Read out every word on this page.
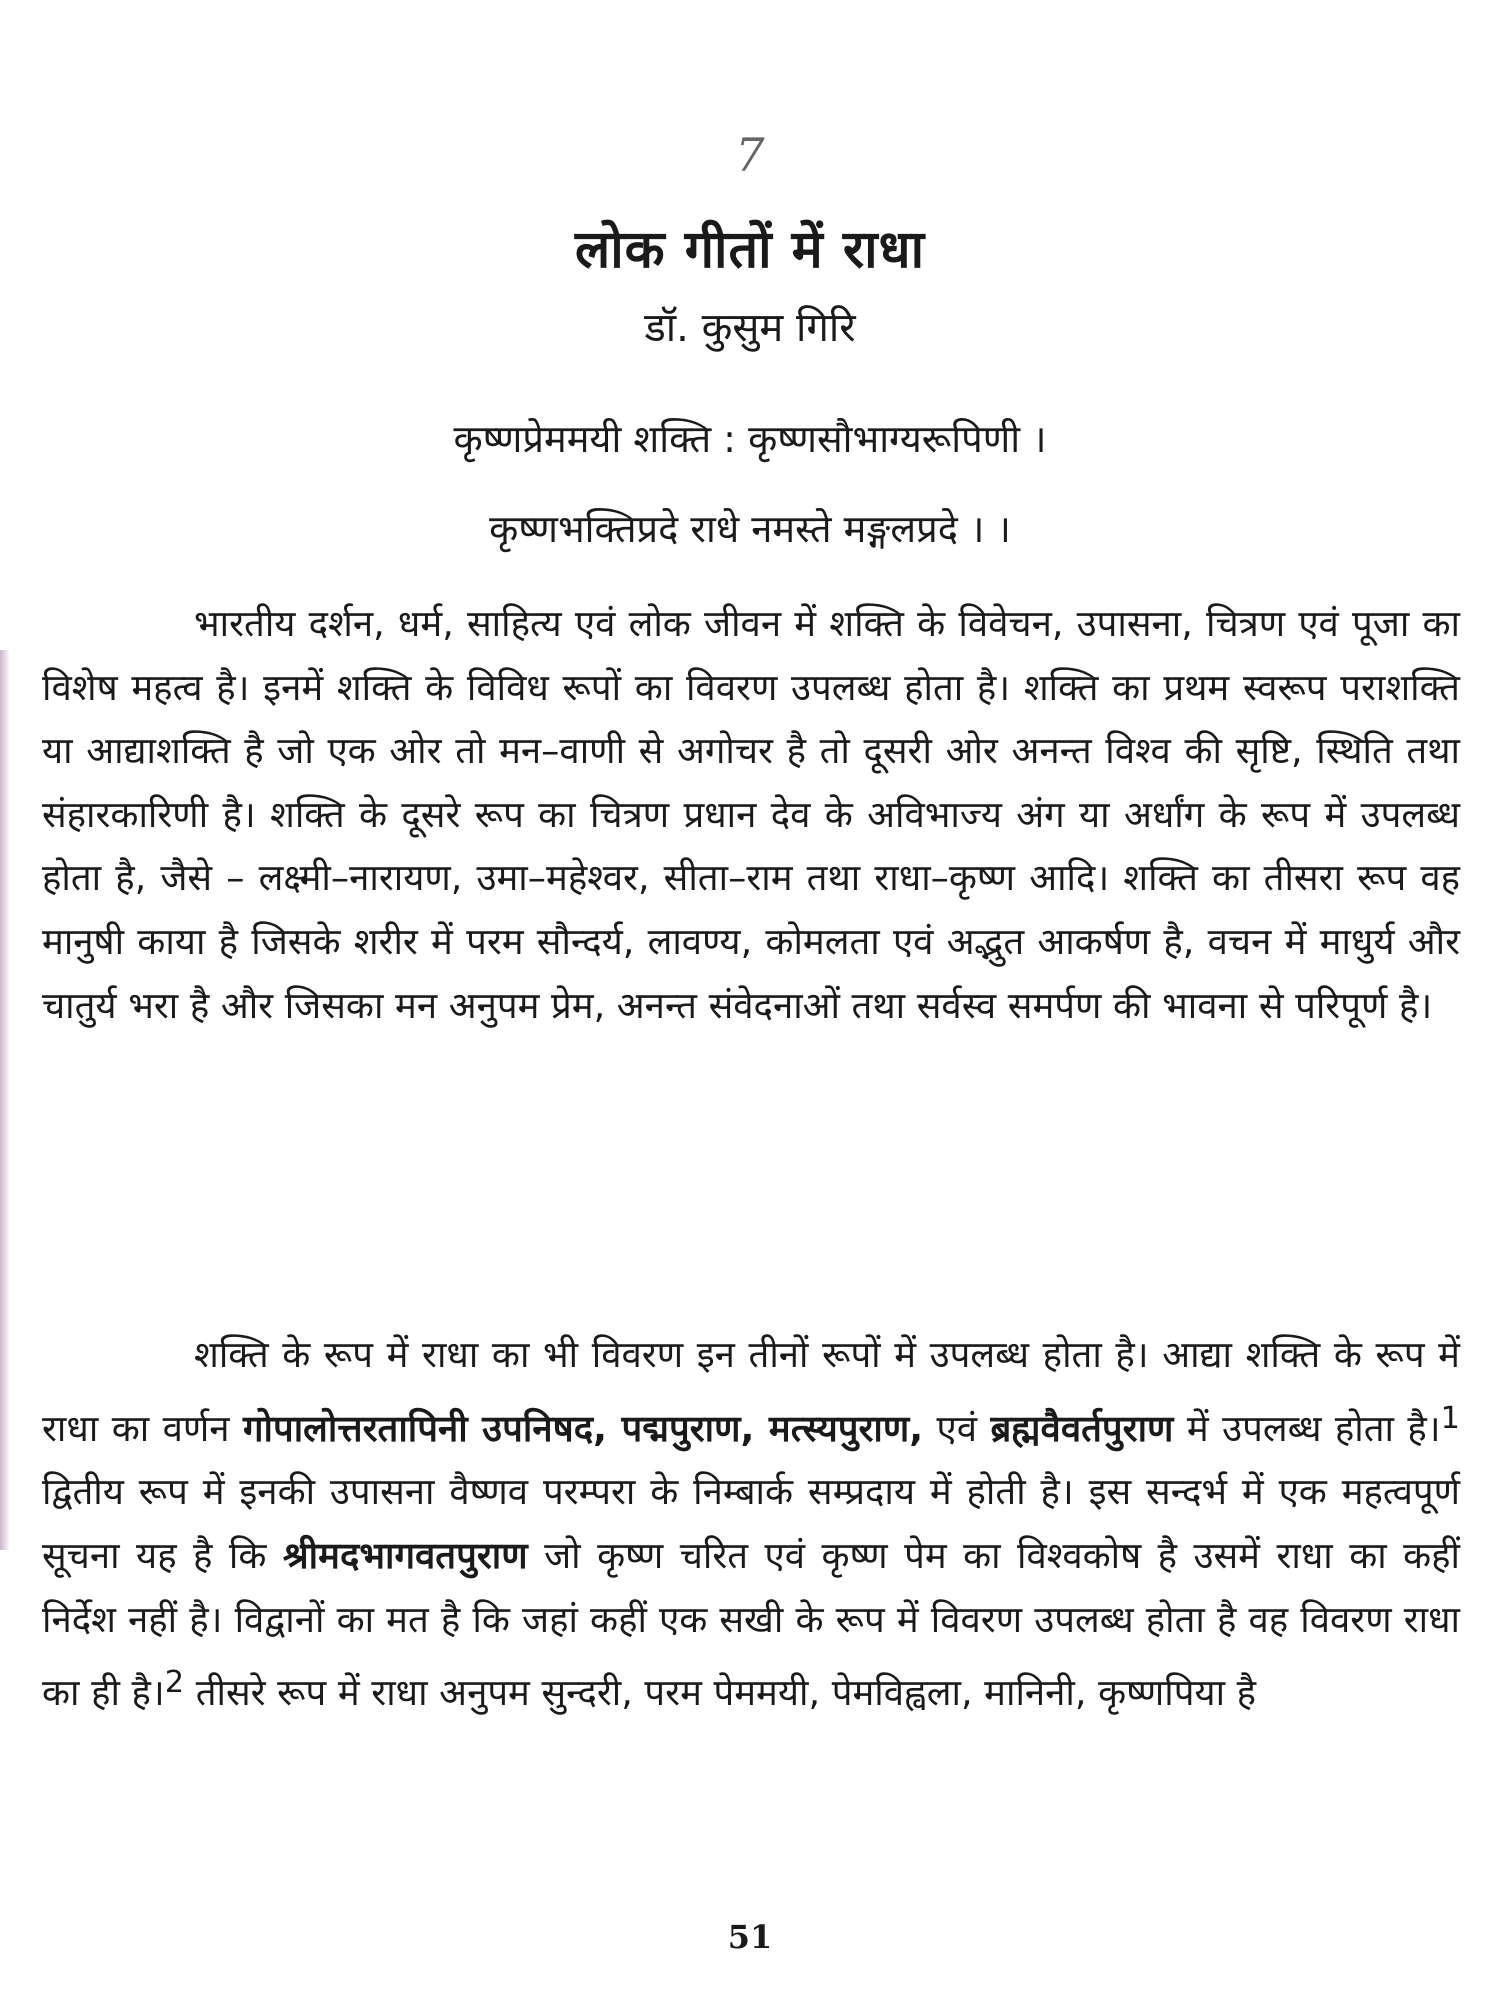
7
लोक गीतों में राधा
डॉ. कुसुम गिरि
कृष्णप्रेममयी शक्ति : कृष्णसौभाग्यरूपिणी ।
कृष्णभक्तिप्रदे राधे नमस्ते मङ्गलप्रदे । ।

भारतीय दर्शन, धर्म, साहित्य एवं लोक जीवन में शक्ति के विवेचन, उपासना, चित्रण एवं पूजा का विशेष महत्व है। इनमें शक्ति के विविध रूपों का विवरण उपलब्ध होता है। शक्ति का प्रथम स्वरूप पराशक्ति या आद्याशक्ति है जो एक ओर तो मन–वाणी से अगोचर है तो दूसरी ओर अनन्त विश्व की सृष्टि, स्थिति तथा संहारकारिणी है। शक्ति के दूसरे रूप का चित्रण प्रधान देव के अविभाज्य अंग या अर्धांग के रूप में उपलब्ध होता है, जैसे – लक्ष्मी–नारायण, उमा–महेश्वर, सीता–राम तथा राधा–कृष्ण आदि। शक्ति का तीसरा रूप वह मानुषी काया है जिसके शरीर में परम सौन्दर्य, लावण्य, कोमलता एवं अद्भुत आकर्षण है, वचन में माधुर्य और चातुर्य भरा है और जिसका मन अनुपम प्रेम, अनन्त संवेदनाओं तथा सर्वस्व समर्पण की भावना से परिपूर्ण है।

शक्ति के रूप में राधा का भी विवरण इन तीनों रूपों में उपलब्ध होता है। आद्या शक्ति के रूप में राधा का वर्णन गोपालोत्तरतापिनी उपनिषद, पद्मपुराण, मत्स्यपुराण, एवं ब्रह्मवैवर्तपुराण में उपलब्ध होता है।$^1$ द्वितीय रूप में इनकी उपासना वैष्णव परम्परा के निम्बार्क सम्प्रदाय में होती है। इस सन्दर्भ में एक महत्वपूर्ण सूचना यह है कि श्रीमदभागवतपुराण जो कृष्ण चरित एवं कृष्ण पेम का विश्वकोष है उसमें राधा का कहीं निर्देश नहीं है। विद्वानों का मत है कि जहां कहीं एक सखी के रूप में विवरण उपलब्ध होता है वह विवरण राधा का ही है।$^2$ तीसरे रूप में राधा अनुपम सुन्दरी, परम पेममयी, पेमविह्वला, मानिनी, कृष्णपिया है

51
